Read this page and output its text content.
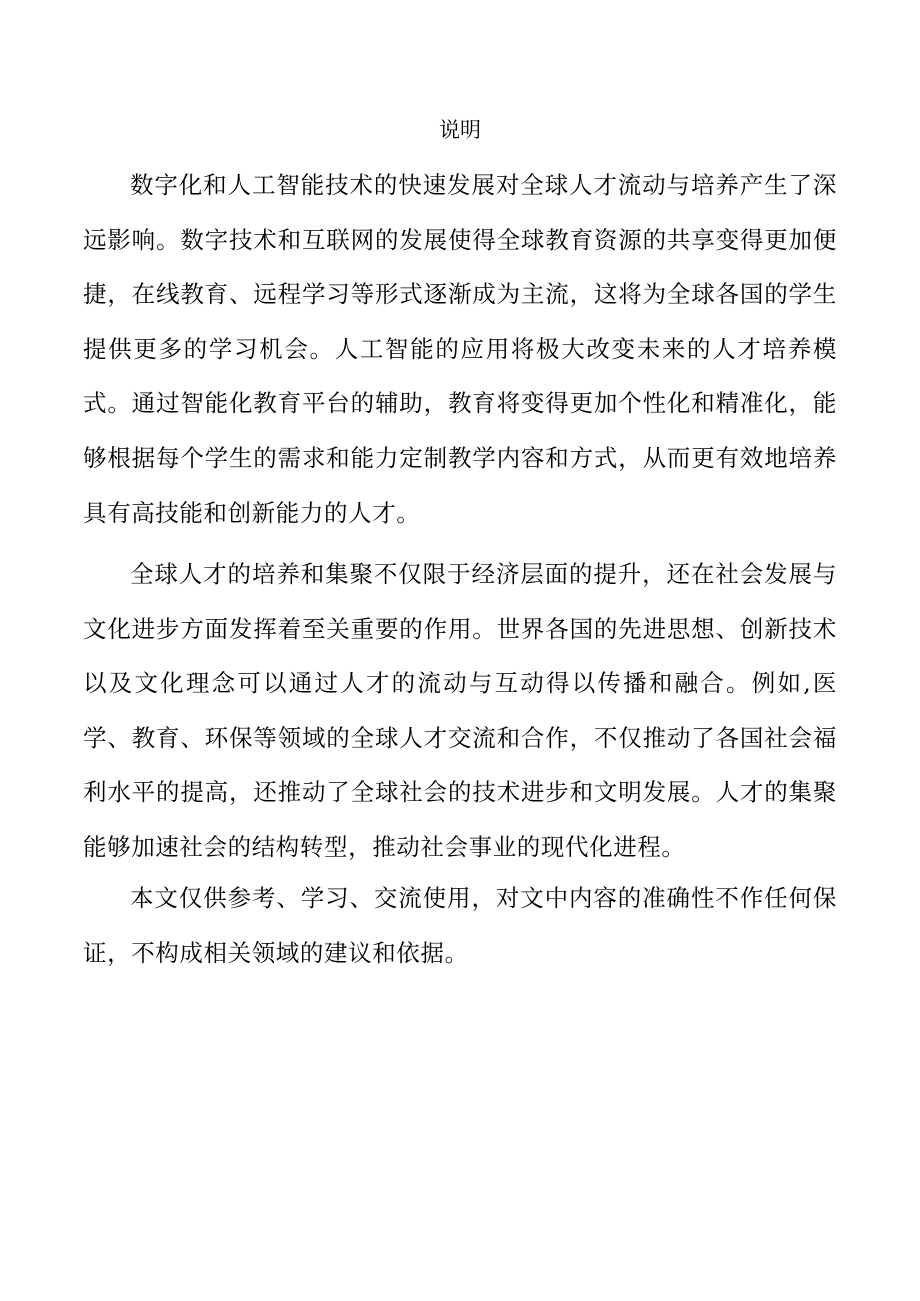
说明

数字化和人工智能技术的快速发展对全球人才流动与培养产生了深远影响。数字技术和互联网的发展使得全球教育资源的共享变得更加便捷，在线教育、远程学习等形式逐渐成为主流，这将为全球各国的学生提供更多的学习机会。人工智能的应用将极大改变未来的人才培养模式。通过智能化教育平台的辅助，教育将变得更加个性化和精准化，能够根据每个学生的需求和能力定制教学内容和方式，从而更有效地培养具有高技能和创新能力的人才。

全球人才的培养和集聚不仅限于经济层面的提升，还在社会发展与文化进步方面发挥着至关重要的作用。世界各国的先进思想、创新技术以及文化理念可以通过人才的流动与互动得以传播和融合。例如,医学、教育、环保等领域的全球人才交流和合作，不仅推动了各国社会福利水平的提高，还推动了全球社会的技术进步和文明发展。人才的集聚能够加速社会的结构转型，推动社会事业的现代化进程。

本文仅供参考、学习、交流使用，对文中内容的准确性不作任何保证，不构成相关领域的建议和依据。
